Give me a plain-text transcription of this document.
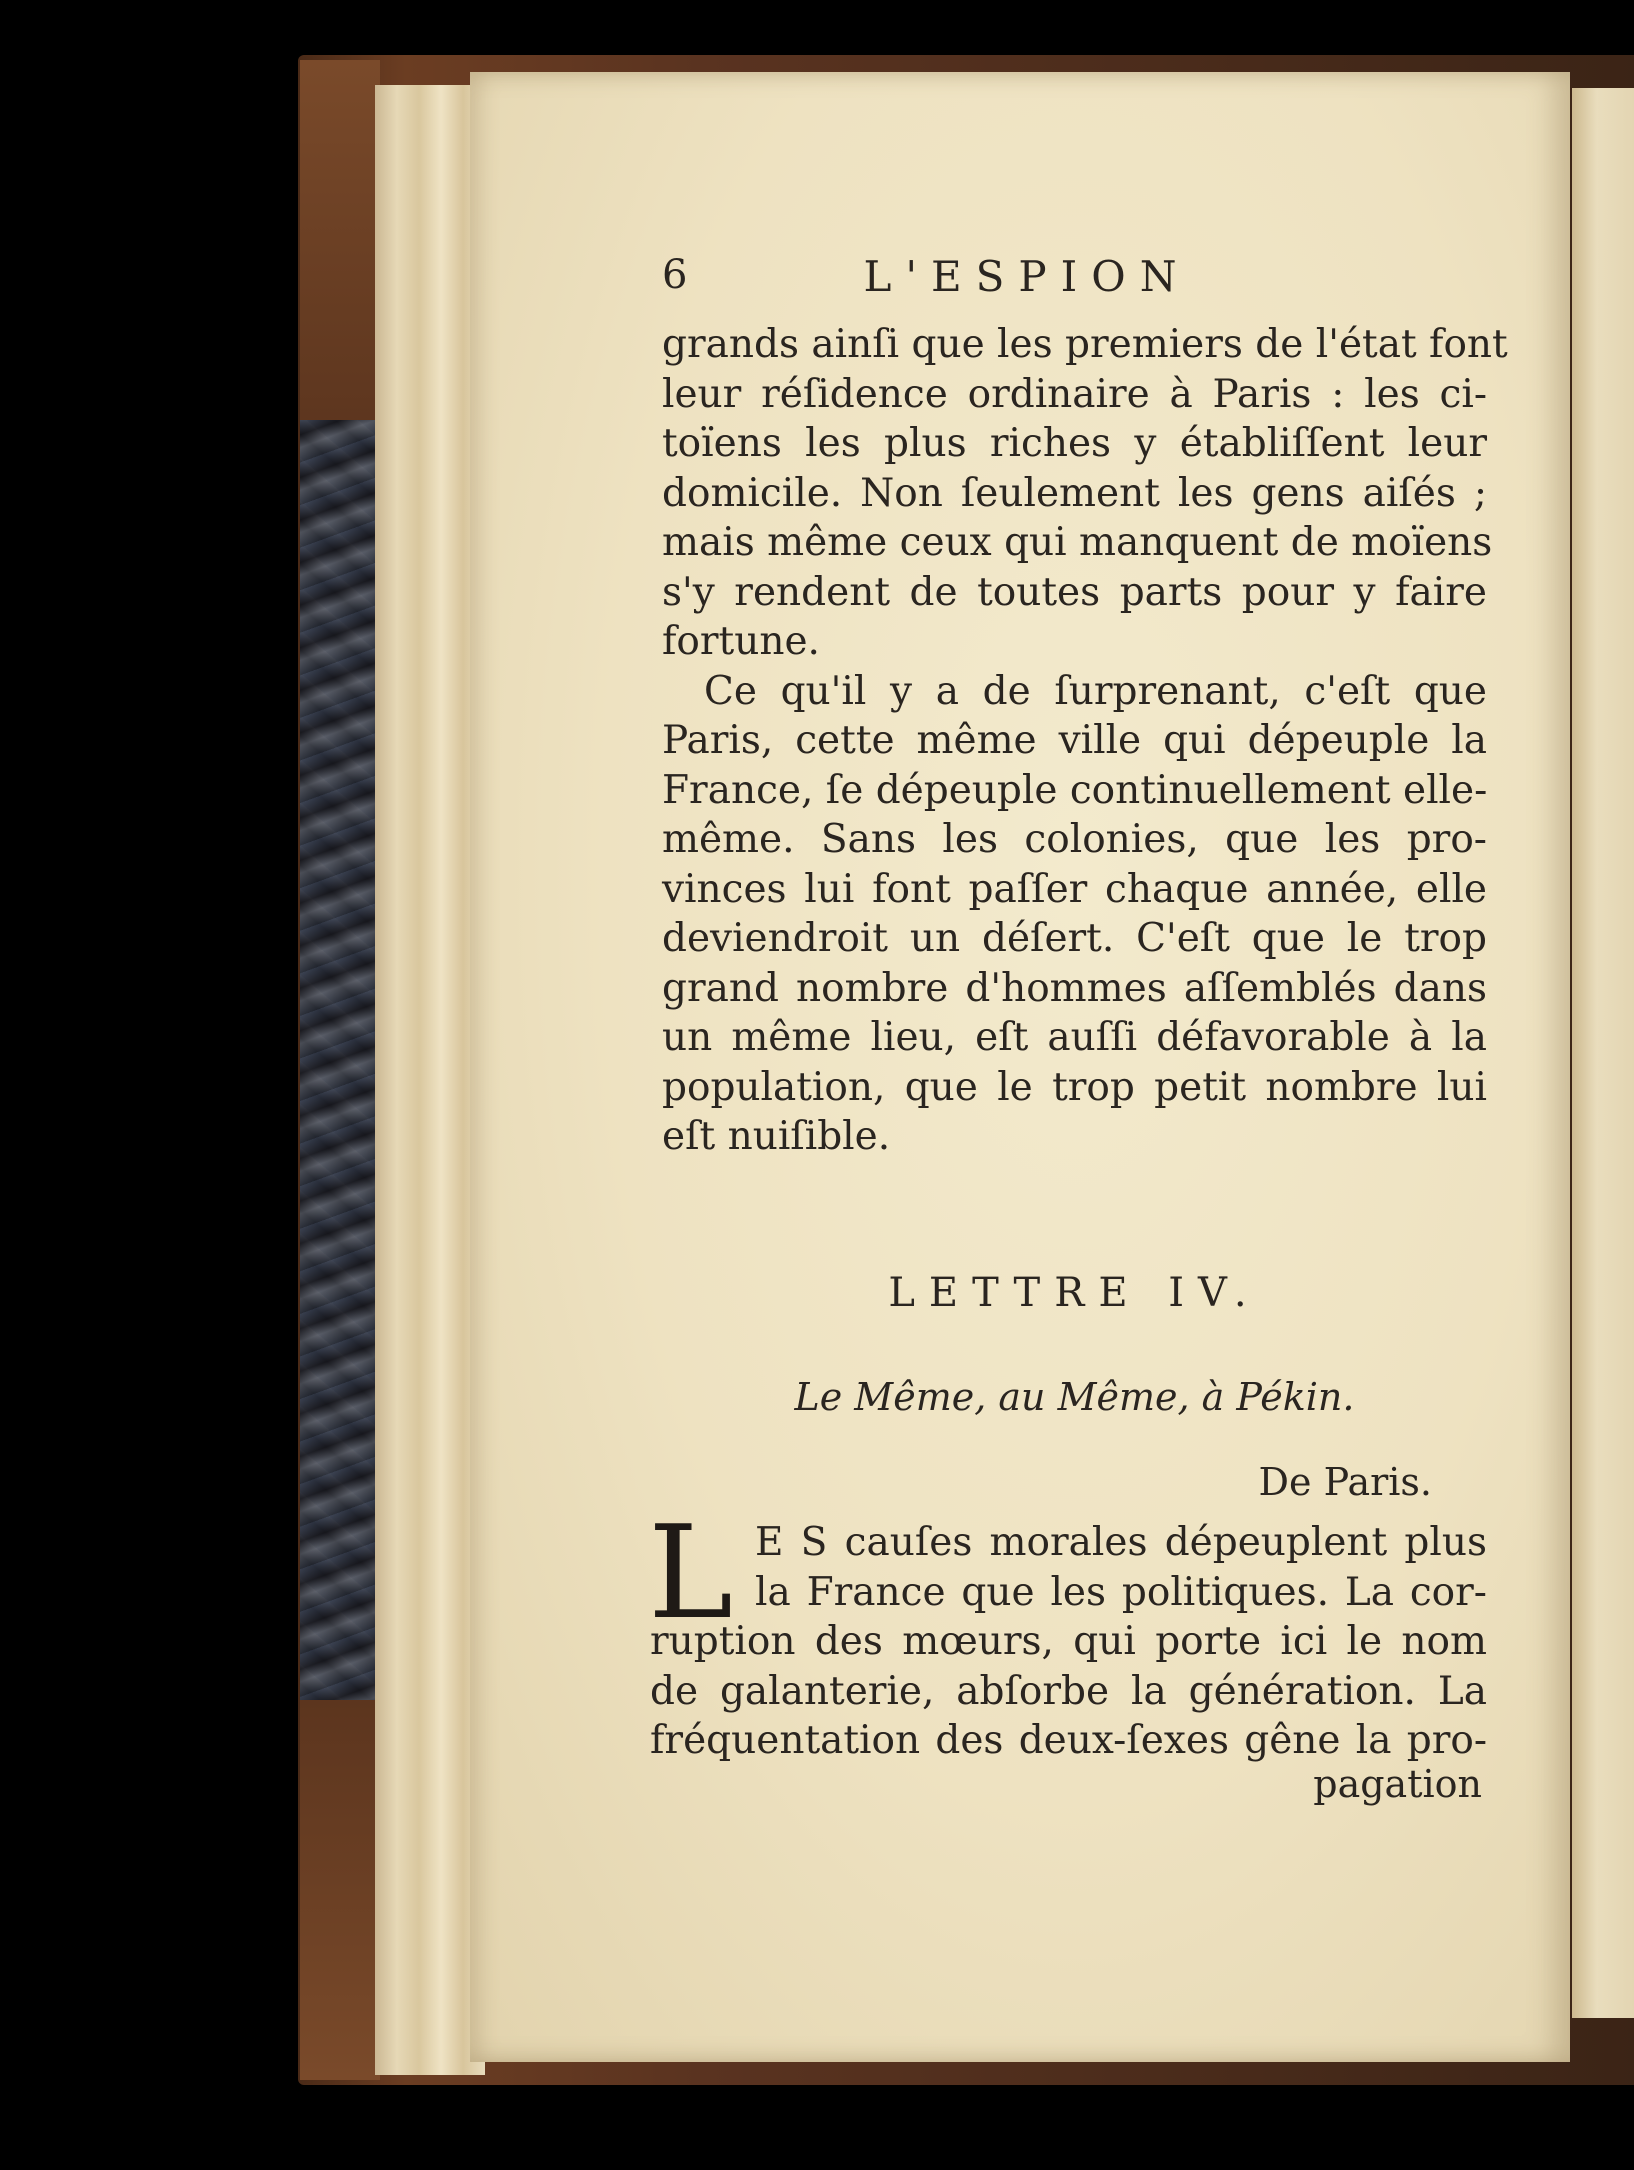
6	L'ESPION
grands ainſi que les premiers de l'état font
leur réſidence ordinaire à Paris : les ci-
toïens les plus riches y établiſſent leur
domicile. Non ſeulement les gens aiſés ;
mais même ceux qui manquent de moïens
s'y rendent de toutes parts pour y faire
fortune.
Ce qu'il y a de ſurprenant, c'eſt que
Paris, cette même ville qui dépeuple la
France, ſe dépeuple continuellement elle-
même. Sans les colonies, que les pro-
vinces lui font paſſer chaque année, elle
deviendroit un déſert. C'eſt que le trop
grand nombre d'hommes aſſemblés dans
un même lieu, eſt auſſi défavorable à la
population, que le trop petit nombre lui
eſt nuiſible.
LETTRE IV.
Le Même, au Même, à Pékin.
De Paris.
L E S cauſes morales dépeuplent plus
la France que les politiques. La cor-
ruption des mœurs, qui porte ici le nom
de galanterie, abſorbe la génération. La
fréquentation des deux-ſexes gêne la pro-
pagation
